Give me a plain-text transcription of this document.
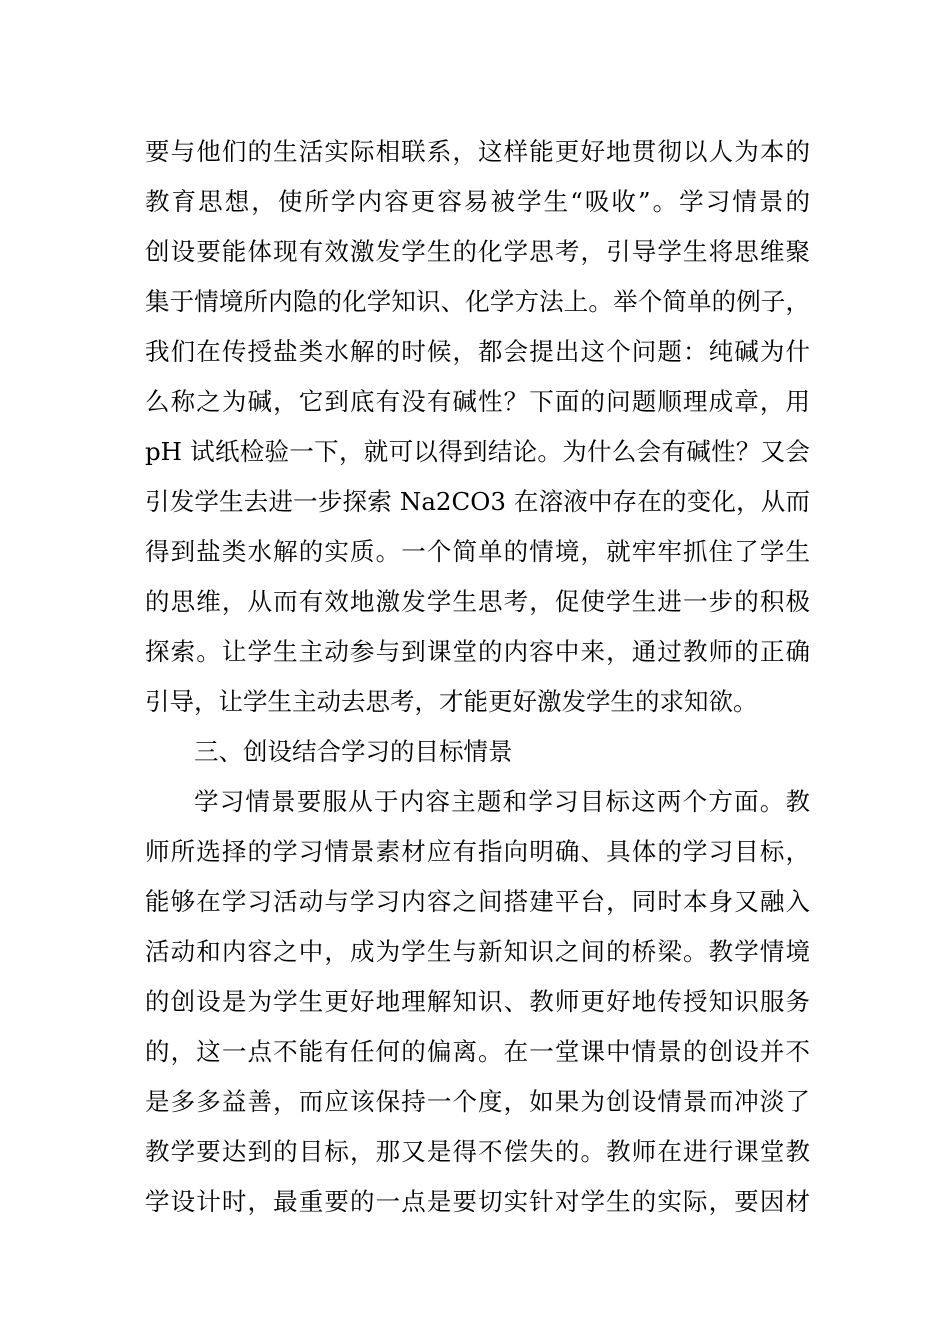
要与他们的生活实际相联系，这样能更好地贯彻以人为本的
教育思想，使所学内容更容易被学生“吸收”。学习情景的
创设要能体现有效激发学生的化学思考，引导学生将思维聚
集于情境所内隐的化学知识、化学方法上。举个简单的例子，
我们在传授盐类水解的时候，都会提出这个问题：纯碱为什
么称之为碱，它到底有没有碱性？下面的问题顺理成章，用
pH 试纸检验一下，就可以得到结论。为什么会有碱性？又会
引发学生去进一步探索 Na2CO3 在溶液中存在的变化，从而
得到盐类水解的实质。一个简单的情境，就牢牢抓住了学生
的思维，从而有效地激发学生思考，促使学生进一步的积极
探索。让学生主动参与到课堂的内容中来，通过教师的正确
引导，让学生主动去思考，才能更好激发学生的求知欲。
三、创设结合学习的目标情景
学习情景要服从于内容主题和学习目标这两个方面。教
师所选择的学习情景素材应有指向明确、具体的学习目标，
能够在学习活动与学习内容之间搭建平台，同时本身又融入
活动和内容之中，成为学生与新知识之间的桥梁。教学情境
的创设是为学生更好地理解知识、教师更好地传授知识服务
的，这一点不能有任何的偏离。在一堂课中情景的创设并不
是多多益善，而应该保持一个度，如果为创设情景而冲淡了
教学要达到的目标，那又是得不偿失的。教师在进行课堂教
学设计时，最重要的一点是要切实针对学生的实际，要因材
